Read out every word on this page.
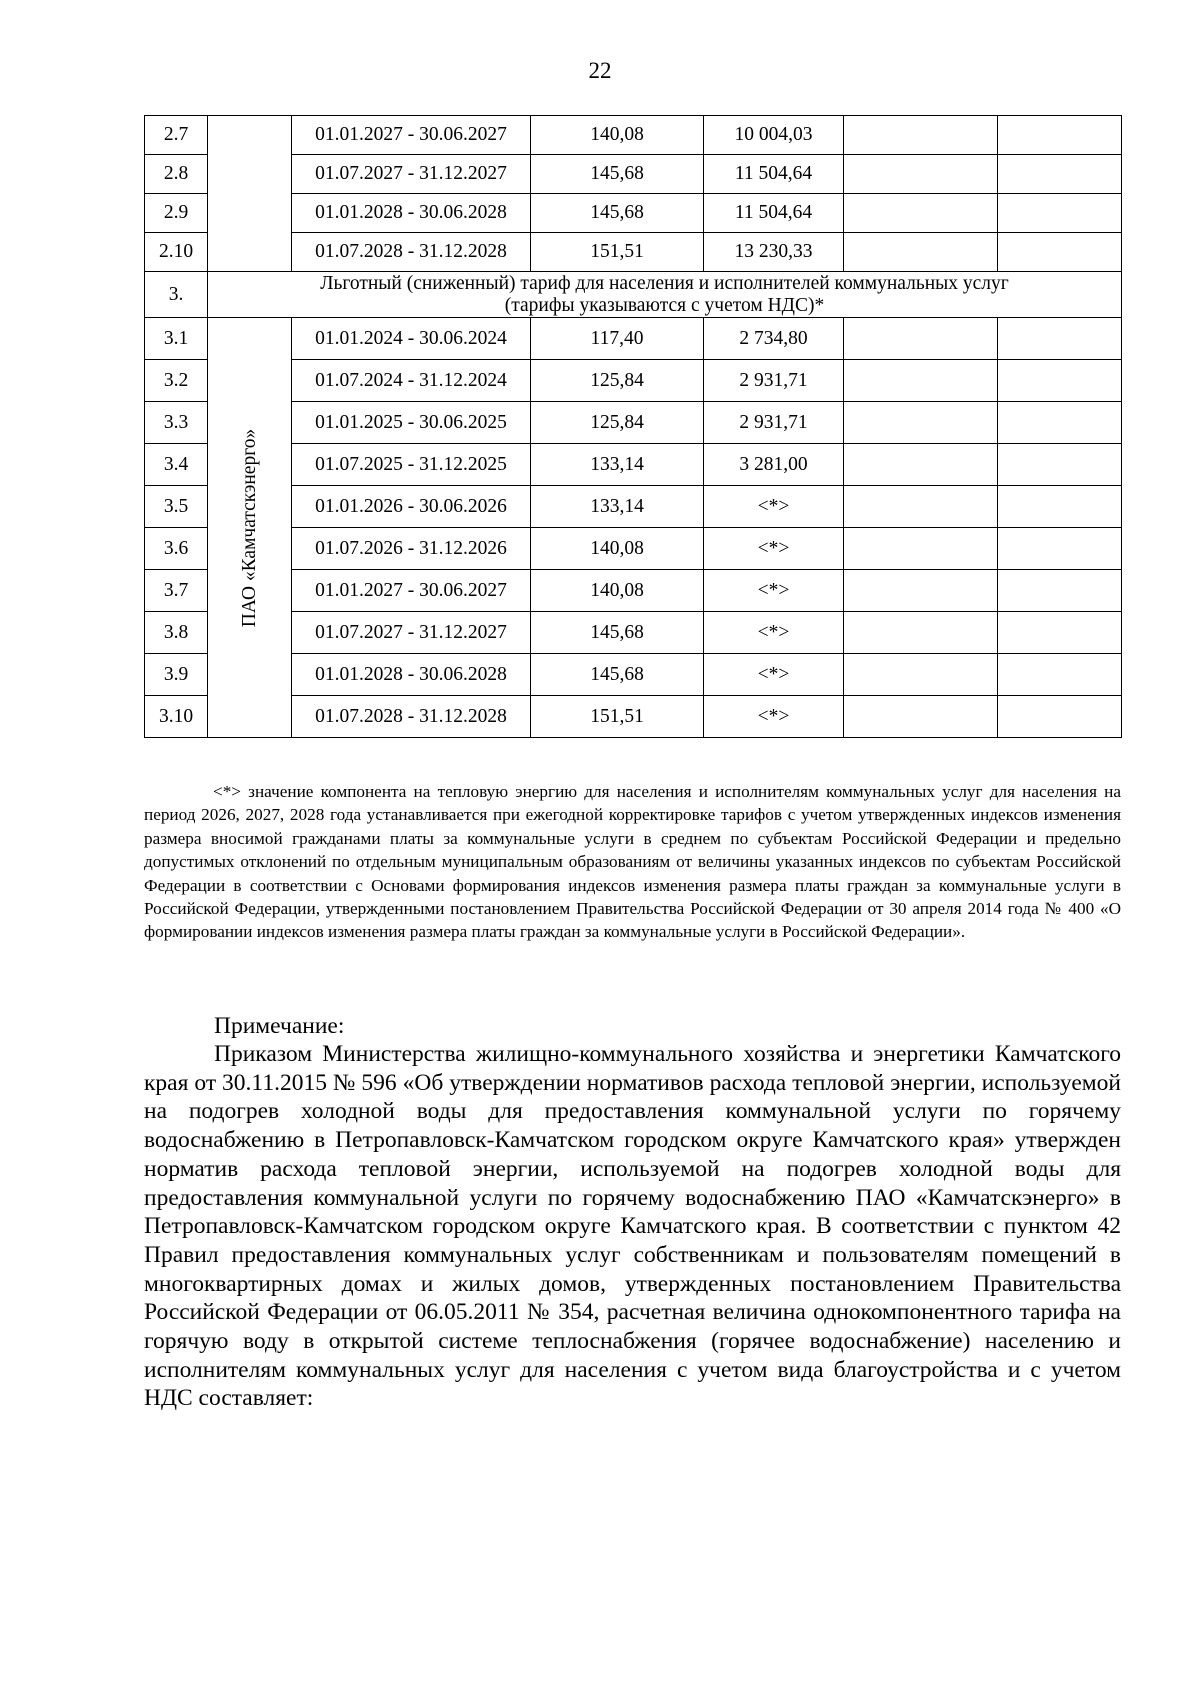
22
2.7		01.01.2027 - 30.06.2027	140,08	10 004,03		
2.8		01.07.2027 - 31.12.2027	145,68	11 504,64		
2.9		01.01.2028 - 30.06.2028	145,68	11 504,64		
2.10		01.07.2028 - 31.12.2028	151,51	13 230,33		
3.	Льготный (сниженный) тариф для населения и исполнителей коммунальных услуг
(тарифы указываются с учетом НДС)*					
3.1	ПАО «Камчатскэнерго»	01.01.2024 - 30.06.2024	117,40	2 734,80		
3.2		01.07.2024 - 31.12.2024	125,84	2 931,71		
3.3		01.01.2025 - 30.06.2025	125,84	2 931,71		
3.4		01.07.2025 - 31.12.2025	133,14	3 281,00		
3.5		01.01.2026 - 30.06.2026	133,14	<*>		
3.6		01.07.2026 - 31.12.2026	140,08	<*>		
3.7		01.01.2027 - 30.06.2027	140,08	<*>		
3.8		01.07.2027 - 31.12.2027	145,68	<*>		
3.9		01.01.2028 - 30.06.2028	145,68	<*>		
3.10		01.07.2028 - 31.12.2028	151,51	<*>		

<*> значение компонента на тепловую энергию для населения и исполнителям коммунальных услуг для населения на период 2026, 2027, 2028 года устанавливается при ежегодной корректировке тарифов с учетом утвержденных индексов изменения размера вносимой гражданами платы за коммунальные услуги в среднем по субъектам Российской Федерации и предельно допустимых отклонений по отдельным муниципальным образованиям от величины указанных индексов по субъектам Российской Федерации в соответствии с Основами формирования индексов изменения размера платы граждан за коммунальные услуги в Российской Федерации, утвержденными постановлением Правительства Российской Федерации от 30 апреля 2014 года № 400 «О формировании индексов изменения размера платы граждан за коммунальные услуги в Российской Федерации».

Примечание:

Приказом Министерства жилищно-коммунального хозяйства и энергетики Камчатского края от 30.11.2015 № 596 «Об утверждении нормативов расхода тепловой энергии, используемой на подогрев холодной воды для предоставления коммунальной услуги по горячему водоснабжению в Петропавловск-Камчатском городском округе Камчатского края» утвержден норматив расхода тепловой энергии, используемой на подогрев холодной воды для предоставления коммунальной услуги по горячему водоснабжению ПАО «Камчатскэнерго» в Петропавловск-Камчатском городском округе Камчатского края. В соответствии с пунктом 42 Правил предоставления коммунальных услуг собственникам и пользователям помещений в многоквартирных домах и жилых домов, утвержденных постановлением Правительства Российской Федерации от 06.05.2011 № 354, расчетная величина однокомпонентного тарифа на горячую воду в открытой системе теплоснабжения (горячее водоснабжение) населению и исполнителям коммунальных услуг для населения с учетом вида благоустройства и с учетом НДС составляет:
